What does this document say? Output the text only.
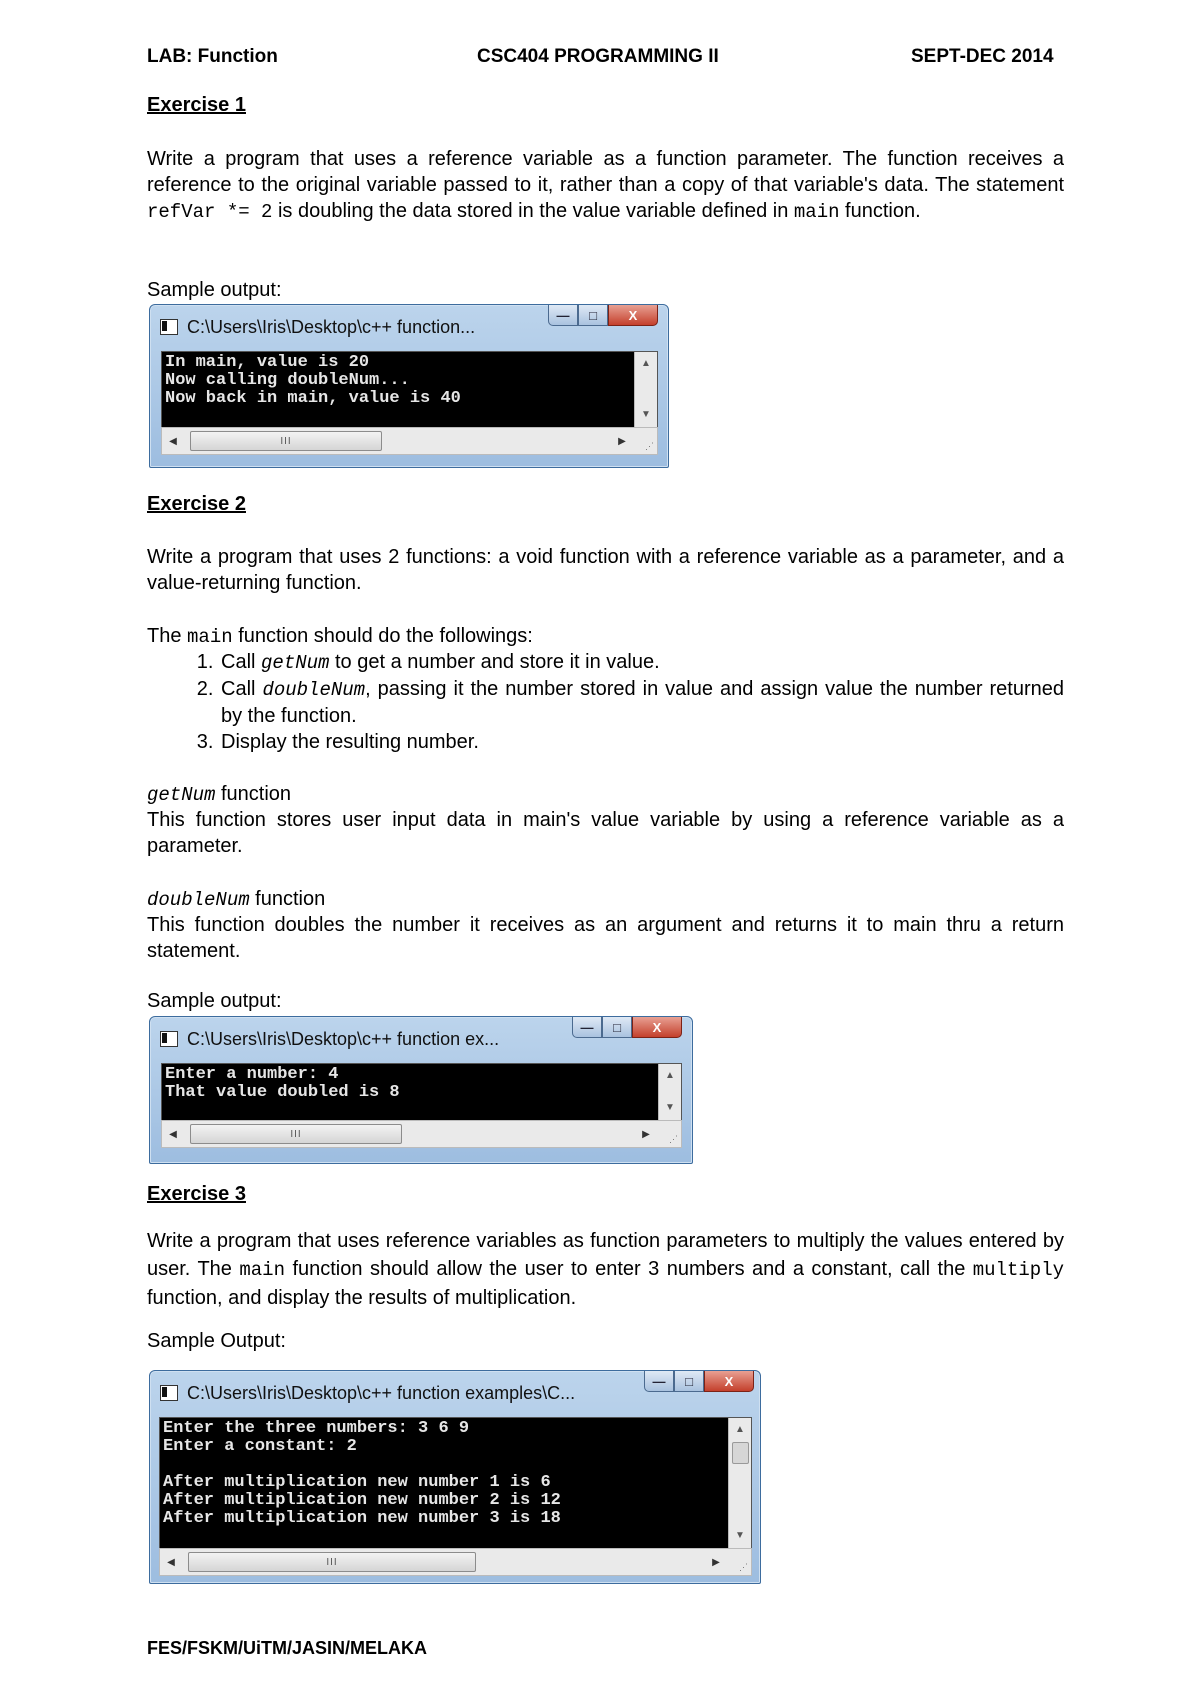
LAB: Function	CSC404 PROGRAMMING II	SEPT-DEC 2014
Exercise 1
Write a program that uses a reference variable as a function parameter. The function receives a reference to the original variable passed to it, rather than a copy of that variable's data. The statement refVar *= 2 is doubling the data stored in the value variable defined in main function.
Sample output:
C:\Users\Iris\Desktop\c++ function...
—	□	X
In main, value is 20
Now calling doubleNum...
Now back in main, value is 40
▲
▼
◀	III	▶	⋰
Exercise 2
Write a program that uses 2 functions: a void function with a reference variable as a parameter, and a value-returning function.
The main function should do the followings:
1. Call getNum to get a number and store it in value.
2. Call doubleNum, passing it the number stored in value and assign value the number returned by the function.
3. Display the resulting number.
getNum function
This function stores user input data in main's value variable by using a reference variable as a parameter.
doubleNum function
This function doubles the number it receives as an argument and returns it to main thru a return statement.
Sample output:
C:\Users\Iris\Desktop\c++ function ex...
—	□	X
Enter a number: 4
That value doubled is 8
▲
▼
◀	III	▶	⋰
Exercise 3
Write a program that uses reference variables as function parameters to multiply the values entered by user. The main function should allow the user to enter 3 numbers and a constant, call the multiply function, and display the results of multiplication.
Sample Output:
C:\Users\Iris\Desktop\c++ function examples\C...
—	□	X
Enter the three numbers: 3 6 9
Enter a constant: 2

After multiplication new number 1 is 6
After multiplication new number 2 is 12
After multiplication new number 3 is 18
▲
▼
◀	III	▶	⋰
FES/FSKM/UiTM/JASIN/MELAKA
